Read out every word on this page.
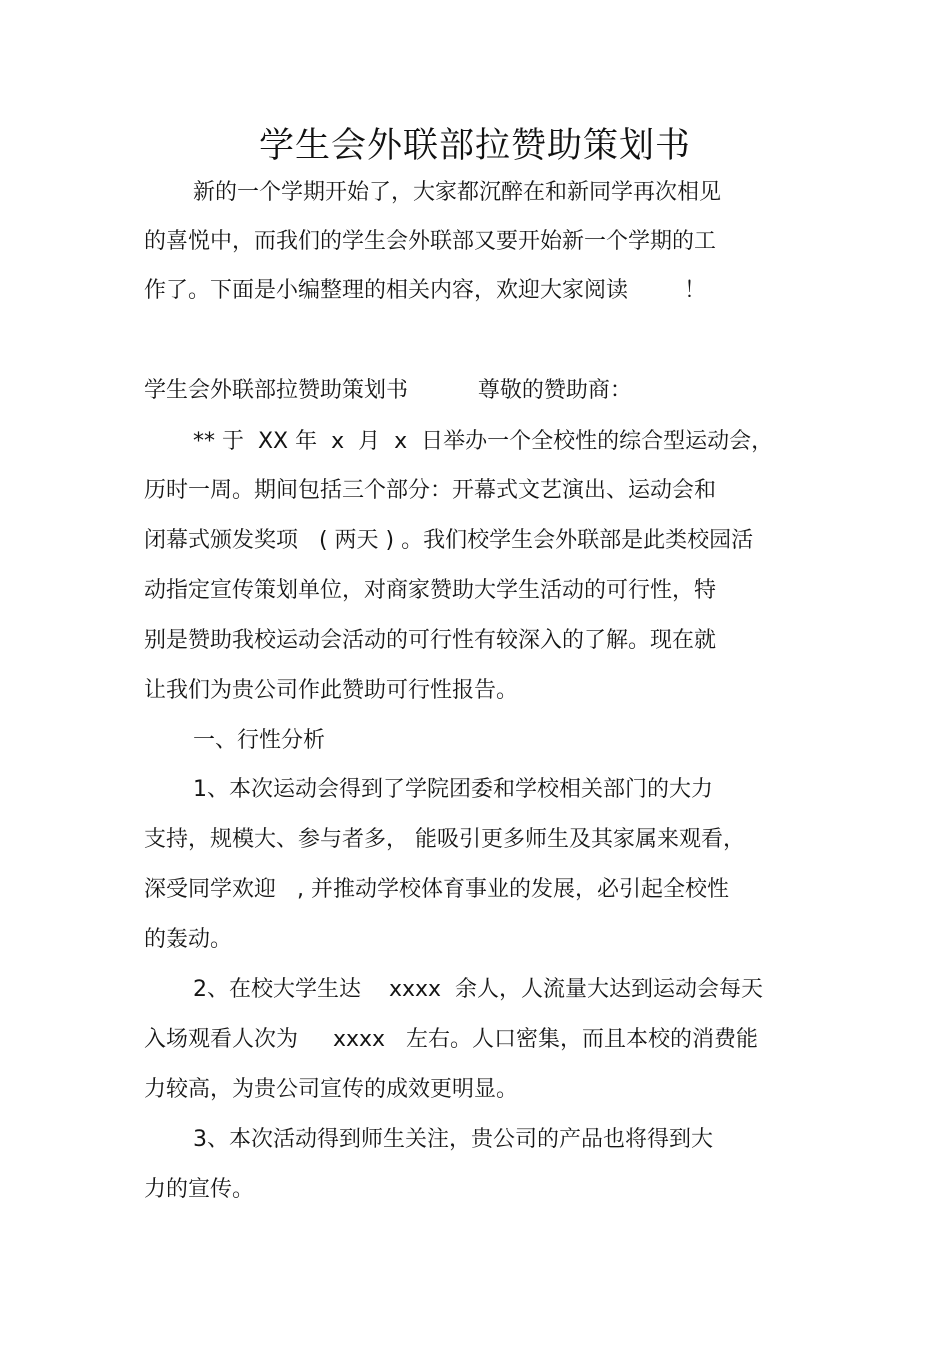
学生会外联部拉赞助策划书
新的一个学期开始了，大家都沉醉在和新同学再次相见
的喜悦中，而我们的学生会外联部又要开始新一个学期的工
作了。下面是小编整理的相关内容，欢迎大家阅读        ！
学生会外联部拉赞助策划书          尊敬的赞助商：
** 于  XX 年  x  月  x  日举办一个全校性的综合型运动会，
历时一周。期间包括三个部分：开幕式文艺演出、运动会和
闭幕式颁发奖项   ( 两天 ) 。我们校学生会外联部是此类校园活
动指定宣传策划单位，对商家赞助大学生活动的可行性，特
别是赞助我校运动会活动的可行性有较深入的了解。现在就
让我们为贵公司作此赞助可行性报告。
一、行性分析
1、本次运动会得到了学院团委和学校相关部门的大力
支持，规模大、参与者多， 能吸引更多师生及其家属来观看，
深受同学欢迎   , 并推动学校体育事业的发展，必引起全校性
的轰动。
2、在校大学生达    xxxx  余人，人流量大达到运动会每天
入场观看人次为     xxxx   左右。人口密集，而且本校的消费能
力较高，为贵公司宣传的成效更明显。
3、本次活动得到师生关注，贵公司的产品也将得到大
力的宣传。
